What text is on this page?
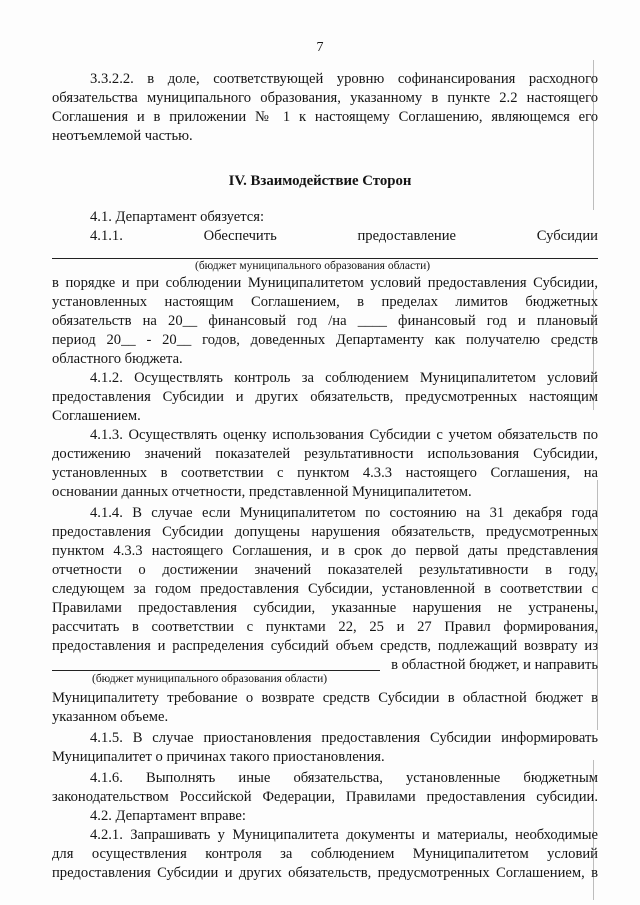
7
3.3.2.2. в доле, соответствующей уровню софинансирования расходного
обязательства муниципального образования, указанному в пункте 2.2 настоящего
Соглашения и в приложении № 1 к настоящему Соглашению, являющемся его
неотъемлемой частью.
IV. Взаимодействие Сторон
4.1. Департамент обязуется:
4.1.1.	Обеспечить	предоставление	Субсидии
(бюджет муниципального образования области)
в порядке и при соблюдении Муниципалитетом условий предоставления Субсидии,
установленных настоящим Соглашением, в пределах лимитов бюджетных
обязательств на 20__ финансовый год /на ____ финансовый год и плановый
период 20__ - 20__ годов, доведенных Департаменту как получателю средств
областного бюджета.
4.1.2. Осуществлять контроль за соблюдением Муниципалитетом условий
предоставления Субсидии и других обязательств, предусмотренных настоящим
Соглашением.
4.1.3. Осуществлять оценку использования Субсидии с учетом обязательств по
достижению значений показателей результативности использования Субсидии,
установленных в соответствии с пунктом 4.3.3 настоящего Соглашения, на
основании данных отчетности, представленной Муниципалитетом.
4.1.4. В случае если Муниципалитетом по состоянию на 31 декабря года
предоставления Субсидии допущены нарушения обязательств, предусмотренных
пунктом 4.3.3 настоящего Соглашения, и в срок до первой даты представления
отчетности о достижении значений показателей результативности в году,
следующем за годом предоставления Субсидии, установленной в соответствии с
Правилами предоставления субсидии, указанные нарушения не устранены,
рассчитать в соответствии с пунктами 22, 25 и 27 Правил формирования,
предоставления и распределения субсидий объем средств, подлежащий возврату из
в областной бюджет, и направить
(бюджет муниципального образования области)
Муниципалитету требование о возврате средств Субсидии в областной бюджет в
указанном объеме.
4.1.5. В случае приостановления предоставления Субсидии информировать
Муниципалитет о причинах такого приостановления.
4.1.6. Выполнять иные обязательства, установленные бюджетным
законодательством Российской Федерации, Правилами предоставления субсидии.
4.2. Департамент вправе:
4.2.1. Запрашивать у Муниципалитета документы и материалы, необходимые
для осуществления контроля за соблюдением Муниципалитетом условий
предоставления Субсидии и других обязательств, предусмотренных Соглашением, в
